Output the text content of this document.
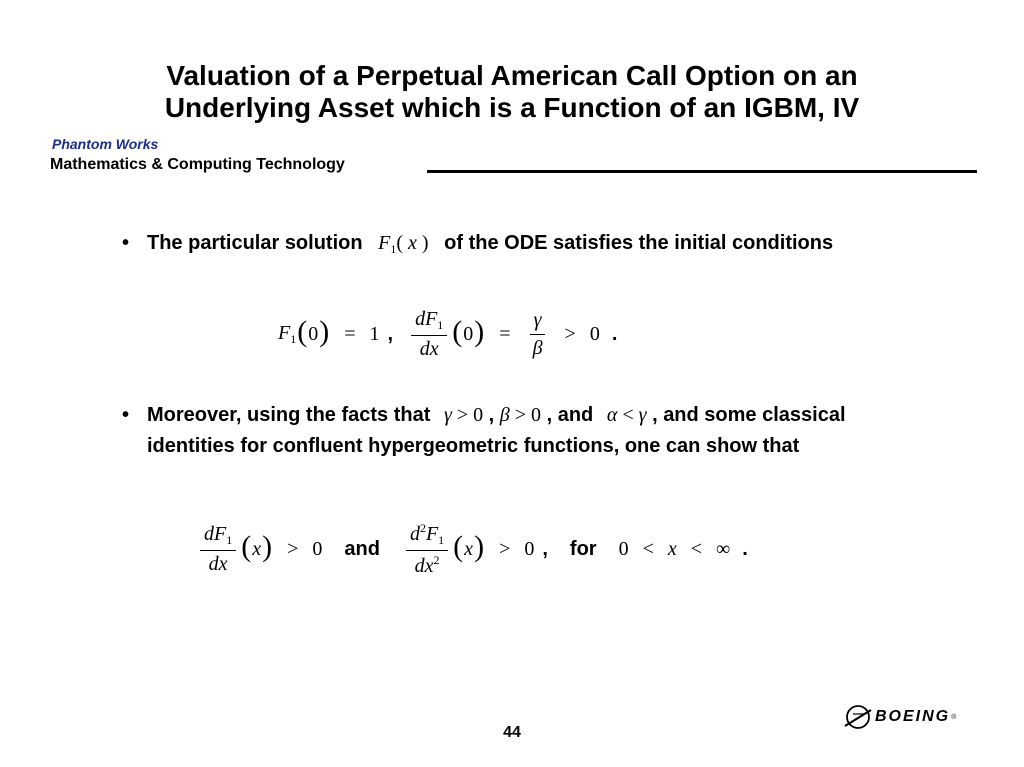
Valuation of a Perpetual American Call Option on an
Underlying Asset which is a Function of an IGBM, IV
Phantom Works
Mathematics & Computing Technology
• The particular solution $F_1$( x ) of the ODE satisfies the initial conditions
$F_1$ ( 0 ) = 1 , $\frac{dF_1}{dx}$ ( 0 ) = $\frac{\gamma}{\beta} > 0$ .
• Moreover, using the facts that γ > 0 , β > 0 , and α < γ , and some classical identities for confluent hypergeometric functions, one can show that
$\frac{dF_1}{dx}$ ( x ) > 0 and $\frac{d^2F_1}{dx^2}$ ( x ) > 0 , for 0 < x < ∞ .
44
BOEING ®
